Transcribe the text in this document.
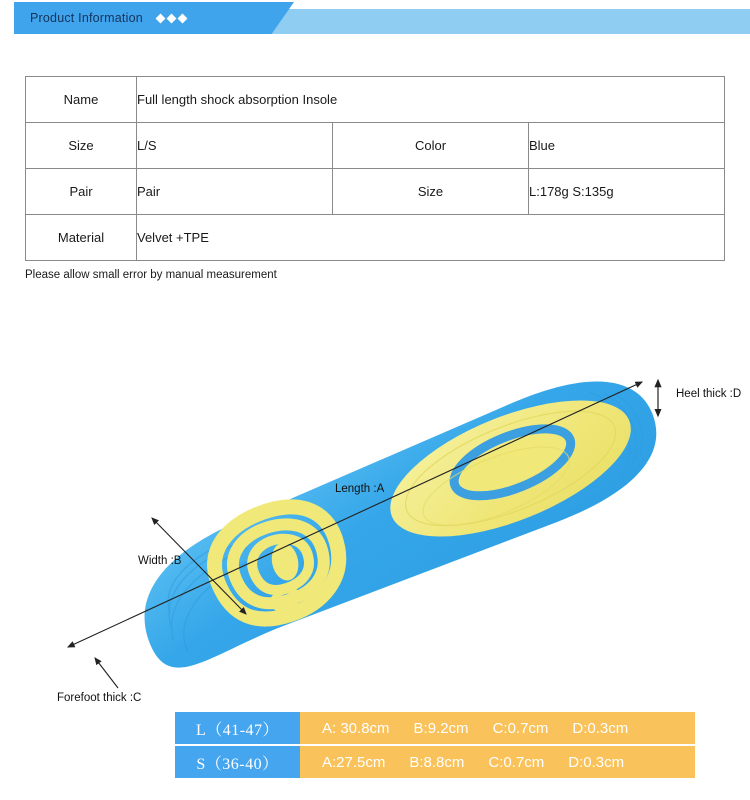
Product Information
Name	Full length shock absorption Insole		
Size	L/S	Color	Blue
Pair	Pair	Size	L:178g S:135g
Material	Velvet +TPE		
Please allow small error by manual measurement
Heel thick :D
Length :A
Width :B
Forefoot thick :C
L（41-47）	A: 30.8cm B:9.2cm C:0.7cm D:0.3cm
S（36-40）	A:27.5cm B:8.8cm C:0.7cm D:0.3cm
